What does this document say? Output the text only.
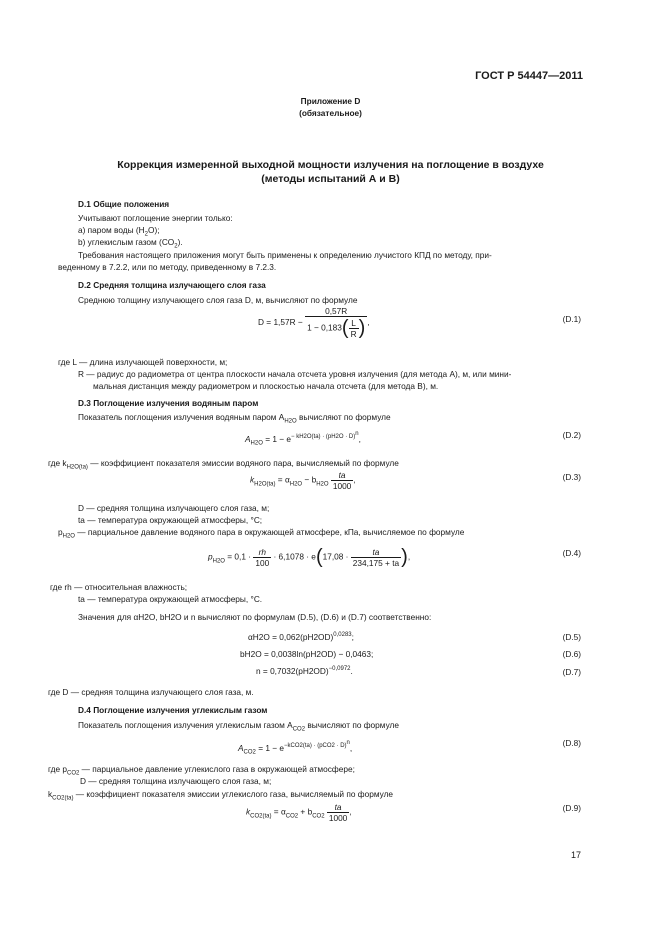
ГОСТ Р 54447—2011
Приложение D
(обязательное)
Коррекция измеренной выходной мощности излучения на поглощение в воздухе
(методы испытаний А и В)
D.1 Общие положения
Учитывают поглощение энергии только:
а) паром воды $(H_2O)$;
b) углекислым газом $(CO_2)$.
Требования настоящего приложения могут быть применены к определению лучистого КПД по методу, при-
веденному в 7.2.2, или по методу, приведенному в 7.2.3.
D.2 Средняя толщина излучающего слоя газа
Среднюю толщину излучающего слоя газа D, м, вычисляют по формуле
$D = 1,57R - \frac{0,57R}{1 - 0,183( \frac{L}{R} )}$ ,	(D.1)
где L — длина излучающей поверхности, м;
R — радиус до радиометра от центра плоскости начала отсчета уровня излучения (для метода А), м, или мини-
мальная дистанция между радиометром и плоскостью начала отсчета (для метода В), м.
D.3 Поглощение излучения водяным паром
Показатель поглощения излучения водяным паром $A_{H2O}$ вычисляют по формуле
$A_{H2O} = 1 - e^{- kH2O(ta) \cdot (pH2O \cdot D)^n}$,	(D.2)
где $k_{H2O(ta)}$ — коэффициент показателя эмиссии водяного пара, вычисляемый по формуле
$k_{H2O(ta)} = \alpha_{H2O} - b_{H2O} \frac{ta}{1000}$ ,	(D.3)
D — средняя толщина излучающего слоя газа, м;
ta — температура окружающей атмосферы, °C;
$p_{H2O}$ — парциальное давление водяного пара в окружающей атмосфере, кПа, вычисляемое по формуле
$p_{H2O} = 0,1 \cdot \frac{rh}{100} \cdot 6,1078 \cdot e(17,08 \cdot \frac{ta}{234,175 + ta}$ ),	(D.4)
где rh — относительная влажность;
ta — температура окружающей атмосферы, °C.
Значения для αH2O, bH2O и n вычисляют по формулам (D.5), (D.6) и (D.7) соответственно:
$\alpha H2O = 0,062(pH2OD)^{0,0283}$;	(D.5)
bH2O = 0,0038ln(pH2OD) − 0,0463;	(D.6)
$n = 0,7032(pH2OD)^{-0,0972}$.	(D.7)
где D — средняя толщина излучающего слоя газа, м.
D.4 Поглощение излучения углекислым газом
Показатель поглощения излучения углекислым газом $A_{CO2}$ вычисляют по формуле
$A_{CO2} = 1 - e^{-kCO2(ta) \cdot (pCO2 \cdot D)^n}$,	(D.8)
где $p_{CO2}$ — парциальное давление углекислого газа в окружающей атмосфере;
D — средняя толщина излучающего слоя газа, м;
$k_{CO2(ta)}$ — коэффициент показателя эмиссии углекислого газа, вычисляемый по формуле
$k_{CO2(ta)} = \alpha_{CO2} + b_{CO2} \frac{ta}{1000}$ ,	(D.9)
17
